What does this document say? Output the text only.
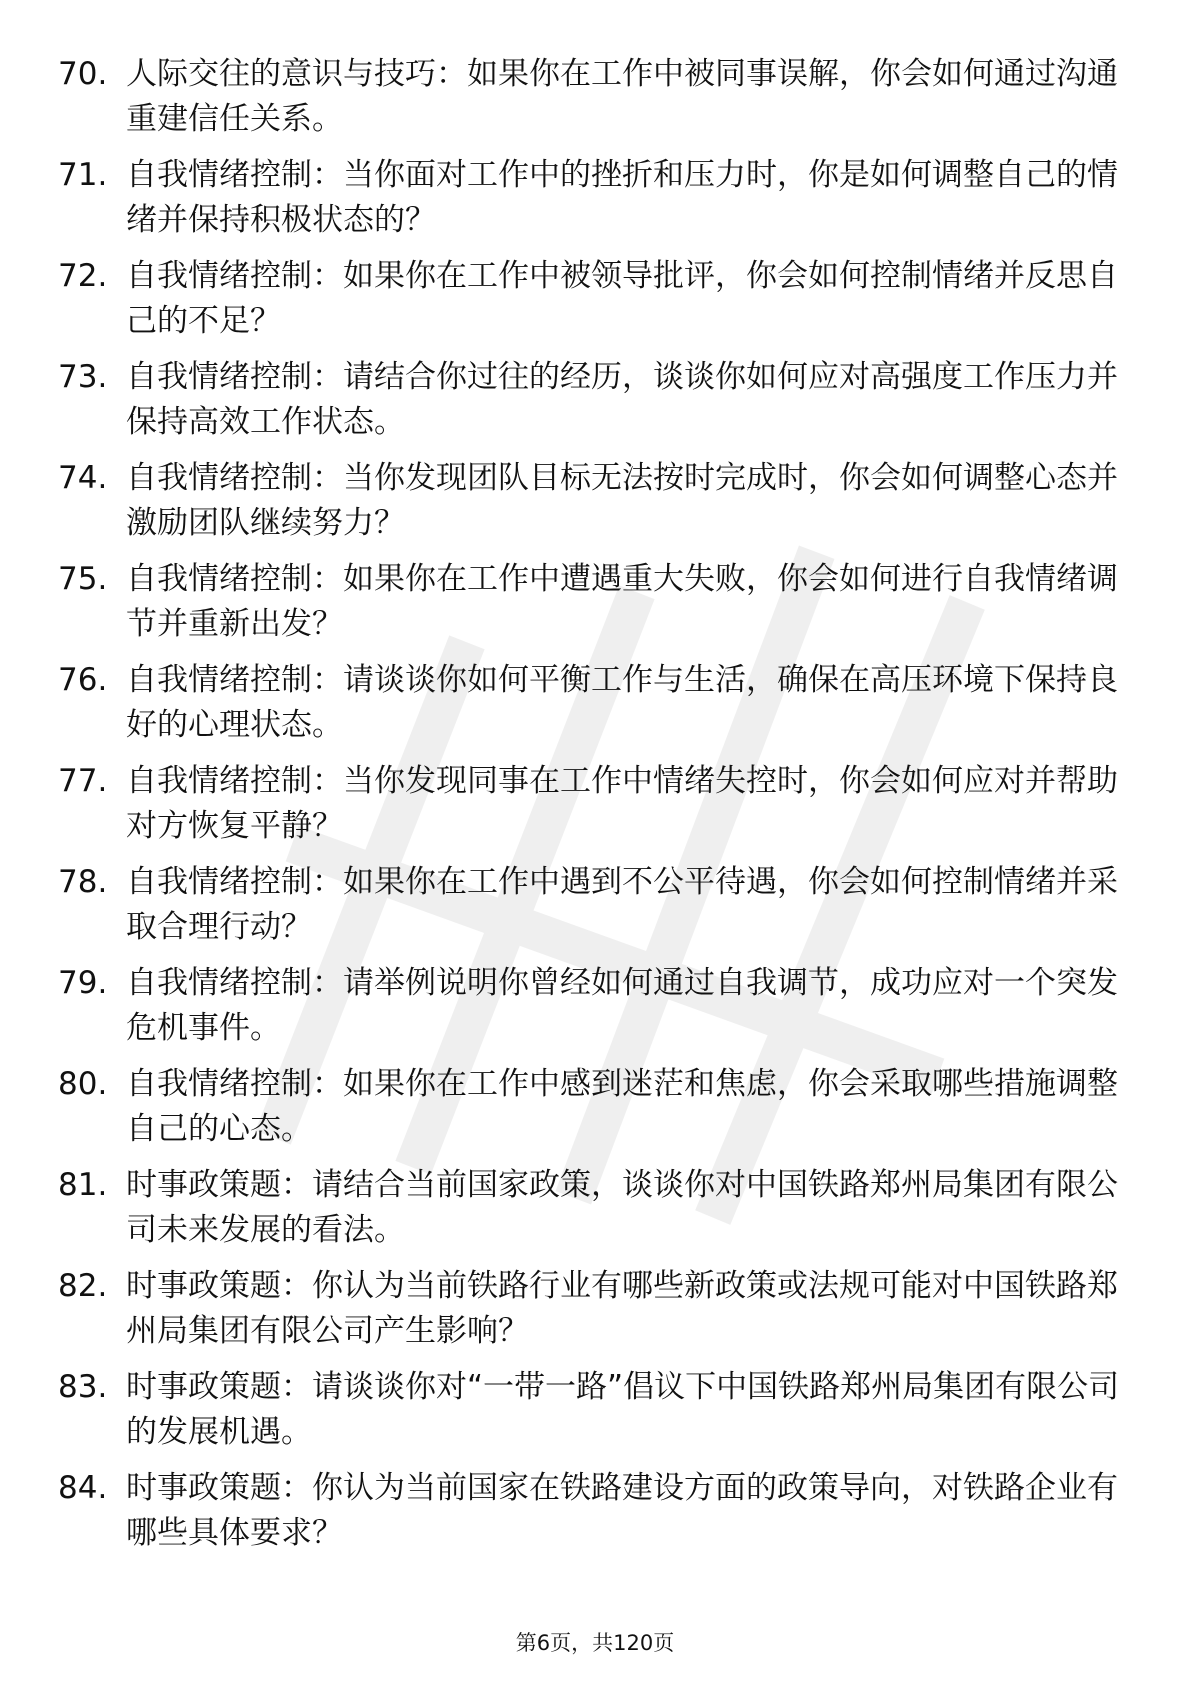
70. 人际交往的意识与技巧：如果你在工作中被同事误解，你会如何通过沟通重建信任关系。
71. 自我情绪控制：当你面对工作中的挫折和压力时，你是如何调整自己的情绪并保持积极状态的？
72. 自我情绪控制：如果你在工作中被领导批评，你会如何控制情绪并反思自己的不足？
73. 自我情绪控制：请结合你过往的经历，谈谈你如何应对高强度工作压力并保持高效工作状态。
74. 自我情绪控制：当你发现团队目标无法按时完成时，你会如何调整心态并激励团队继续努力？
75. 自我情绪控制：如果你在工作中遭遇重大失败，你会如何进行自我情绪调节并重新出发？
76. 自我情绪控制：请谈谈你如何平衡工作与生活，确保在高压环境下保持良好的心理状态。
77. 自我情绪控制：当你发现同事在工作中情绪失控时，你会如何应对并帮助对方恢复平静？
78. 自我情绪控制：如果你在工作中遇到不公平待遇，你会如何控制情绪并采取合理行动？
79. 自我情绪控制：请举例说明你曾经如何通过自我调节，成功应对一个突发危机事件。
80. 自我情绪控制：如果你在工作中感到迷茫和焦虑，你会采取哪些措施调整自己的心态。
81. 时事政策题：请结合当前国家政策，谈谈你对中国铁路郑州局集团有限公司未来发展的看法。
82. 时事政策题：你认为当前铁路行业有哪些新政策或法规可能对中国铁路郑州局集团有限公司产生影响？
83. 时事政策题：请谈谈你对“一带一路”倡议下中国铁路郑州局集团有限公司的发展机遇。
84. 时事政策题：你认为当前国家在铁路建设方面的政策导向，对铁路企业有哪些具体要求？
第6页，共120页
